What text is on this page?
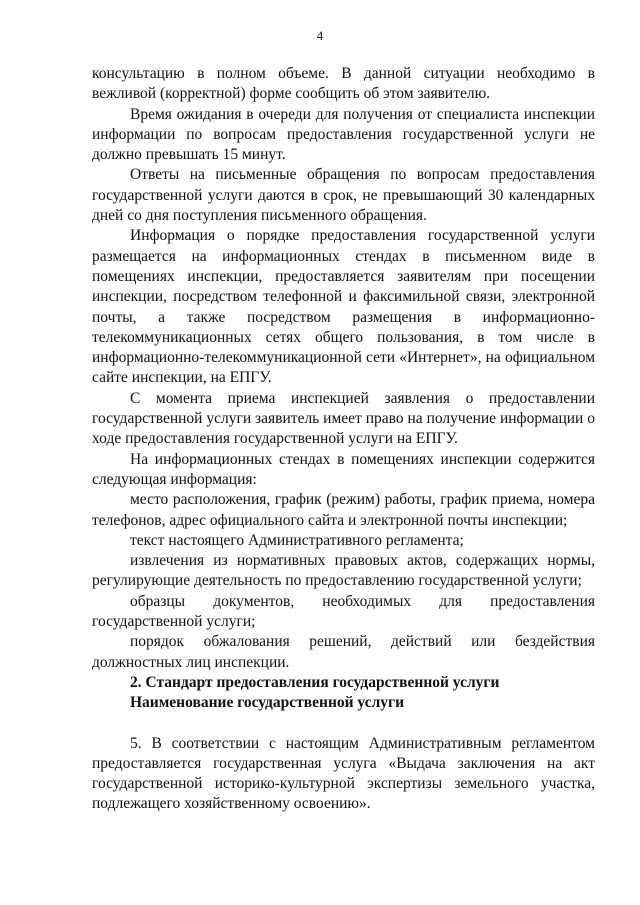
4

консультацию в полном объеме. В данной ситуации необходимо в вежливой (корректной) форме сообщить об этом заявителю.

Время ожидания в очереди для получения от специалиста инспекции информации по вопросам предоставления государственной услуги не должно превышать 15 минут.

Ответы на письменные обращения по вопросам предоставления государственной услуги даются в срок, не превышающий 30 календарных дней со дня поступления письменного обращения.

Информация о порядке предоставления государственной услуги размещается на информационных стендах в письменном виде в помещениях инспекции, предоставляется заявителям при посещении инспекции, посредством телефонной и факсимильной связи, электронной почты, а также посредством размещения в информационно-телекоммуникационных сетях общего пользования, в том числе в информационно-телекоммуникационной сети «Интернет», на официальном сайте инспекции, на ЕПГУ.

С момента приема инспекцией заявления о предоставлении государственной услуги заявитель имеет право на получение информации о ходе предоставления государственной услуги на ЕПГУ.

На информационных стендах в помещениях инспекции содержится следующая информация:

место расположения, график (режим) работы, график приема, номера телефонов, адрес официального сайта и электронной почты инспекции;

текст настоящего Административного регламента;

извлечения из нормативных правовых актов, содержащих нормы, регулирующие деятельность по предоставлению государственной услуги;

образцы документов, необходимых для предоставления государственной услуги;

порядок обжалования решений, действий или бездействия должностных лиц инспекции.

2. Стандарт предоставления государственной услуги

Наименование государственной услуги

5. В соответствии с настоящим Административным регламентом предоставляется государственная услуга «Выдача заключения на акт государственной историко-культурной экспертизы земельного участка, подлежащего хозяйственному освоению».
